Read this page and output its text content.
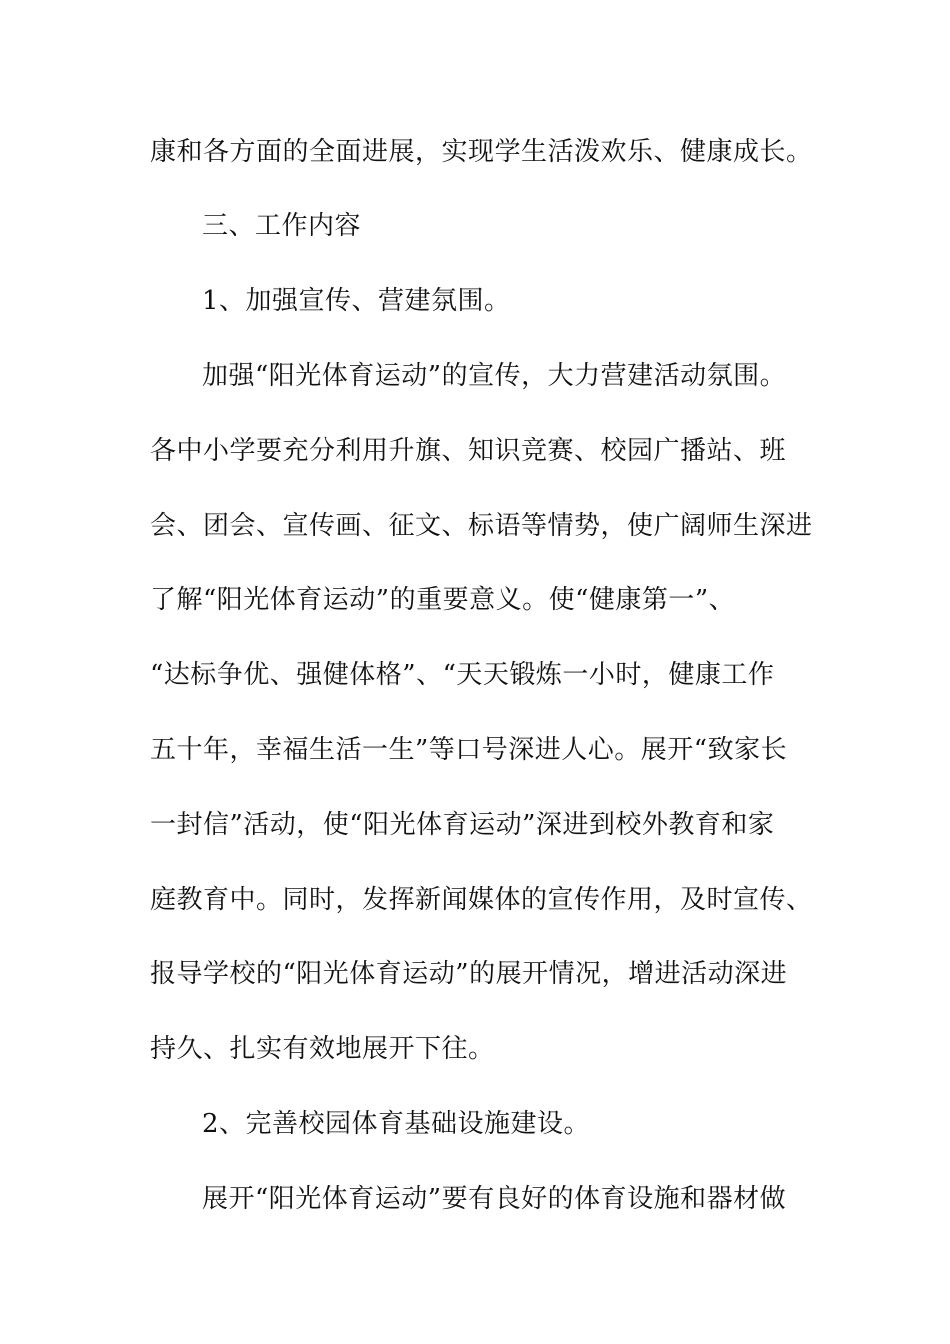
康和各方面的全面进展，实现学生活泼欢乐、健康成长。
三、工作内容
1、加强宣传、营建氛围。
加强“阳光体育运动”的宣传，大力营建活动氛围。
各中小学要充分利用升旗、知识竞赛、校园广播站、班
会、团会、宣传画、征文、标语等情势，使广阔师生深进
了解“阳光体育运动”的重要意义。使“健康第一”、
“达标争优、强健体格”、“天天锻炼一小时，健康工作
五十年，幸福生活一生”等口号深进人心。展开“致家长
一封信”活动，使“阳光体育运动”深进到校外教育和家
庭教育中。同时，发挥新闻媒体的宣传作用，及时宣传、
报导学校的“阳光体育运动”的展开情况，增进活动深进
持久、扎实有效地展开下往。
2、完善校园体育基础设施建设。
展开“阳光体育运动”要有良好的体育设施和器材做
